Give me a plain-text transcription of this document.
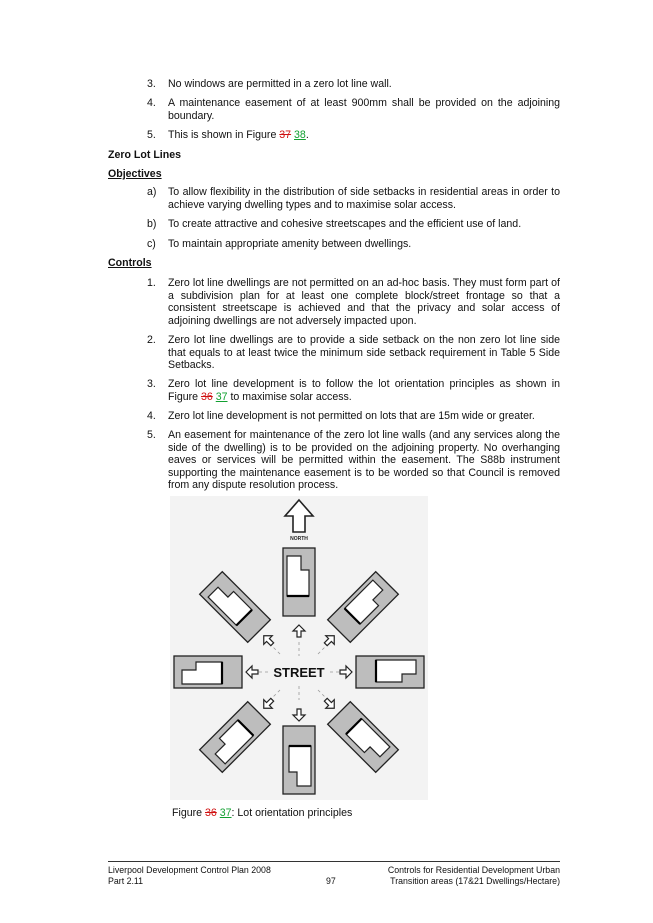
3. No windows are permitted in a zero lot line wall.
4. A maintenance easement of at least 900mm shall be provided on the adjoining boundary.
5. This is shown in Figure 37 38.
Zero Lot Lines
Objectives
a) To allow flexibility in the distribution of side setbacks in residential areas in order to achieve varying dwelling types and to maximise solar access.
b) To create attractive and cohesive streetscapes and the efficient use of land.
c) To maintain appropriate amenity between dwellings.
Controls
1. Zero lot line dwellings are not permitted on an ad-hoc basis. They must form part of a subdivision plan for at least one complete block/street frontage so that a consistent streetscape is achieved and that the privacy and solar access of adjoining dwellings are not adversely impacted upon.
2. Zero lot line dwellings are to provide a side setback on the non zero lot line side that equals to at least twice the minimum side setback requirement in Table 5 Side Setbacks.
3. Zero lot line development is to follow the lot orientation principles as shown in Figure 36 37 to maximise solar access.
4. Zero lot line development is not permitted on lots that are 15m wide or greater.
5. An easement for maintenance of the zero lot line walls (and any services along the side of the dwelling) is to be provided on the adjoining property. No overhanging eaves or services will be permitted within the easement. The S88b instrument supporting the maintenance easement is to be worded so that Council is removed from any dispute resolution process.
NORTH
STREET
Figure 36 37: Lot orientation principles
Liverpool Development Control Plan 2008
Part 2.11	97
Controls for Residential Development Urban
Transition areas (17&21 Dwellings/Hectare)
